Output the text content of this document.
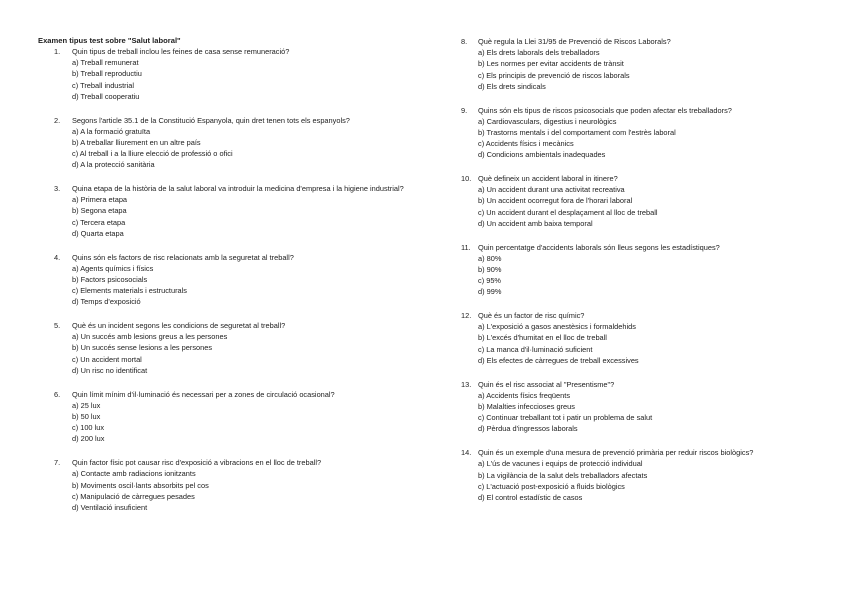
Examen tipus test sobre "Salut laboral"

1. Quin tipus de treball inclou les feines de casa sense remuneració?
a) Treball remunerat
b) Treball reproductiu
c) Treball industrial
d) Treball cooperatiu
2. Segons l'article 35.1 de la Constitució Espanyola, quin dret tenen tots els espanyols?
a) A la formació gratuïta
b) A treballar lliurement en un altre país
c) Al treball i a la lliure elecció de professió o ofici
d) A la protecció sanitària
3. Quina etapa de la història de la salut laboral va introduir la medicina d'empresa i la higiene industrial?
a) Primera etapa
b) Segona etapa
c) Tercera etapa
d) Quarta etapa
4. Quins són els factors de risc relacionats amb la seguretat al treball?
a) Agents químics i físics
b) Factors psicosocials
c) Elements materials i estructurals
d) Temps d'exposició
5. Què és un incident segons les condicions de seguretat al treball?
a) Un succés amb lesions greus a les persones
b) Un succés sense lesions a les persones
c) Un accident mortal
d) Un risc no identificat
6. Quin límit mínim d'il·luminació és necessari per a zones de circulació ocasional?
a) 25 lux
b) 50 lux
c) 100 lux
d) 200 lux
7. Quin factor físic pot causar risc d'exposició a vibracions en el lloc de treball?
a) Contacte amb radiacions ionitzants
b) Moviments oscil·lants absorbits pel cos
c) Manipulació de càrregues pesades
d) Ventilació insuficient
8. Què regula la Llei 31/95 de Prevenció de Riscos Laborals?
a) Els drets laborals dels treballadors
b) Les normes per evitar accidents de trànsit
c) Els principis de prevenció de riscos laborals
d) Els drets sindicals
9. Quins són els tipus de riscos psicosocials que poden afectar els treballadors?
a) Cardiovasculars, digestius i neurològics
b) Trastorns mentals i del comportament com l'estrès laboral
c) Accidents físics i mecànics
d) Condicions ambientals inadequades
10. Què defineix un accident laboral in itinere?
a) Un accident durant una activitat recreativa
b) Un accident ocorregut fora de l'horari laboral
c) Un accident durant el desplaçament al lloc de treball
d) Un accident amb baixa temporal
11. Quin percentatge d'accidents laborals són lleus segons les estadístiques?
a) 80%
b) 90%
c) 95%
d) 99%
12. Què és un factor de risc químic?
a) L'exposició a gasos anestèsics i formaldehids
b) L'excés d'humitat en el lloc de treball
c) La manca d'il·luminació suficient
d) Els efectes de càrregues de treball excessives
13. Quin és el risc associat al "Presentisme"?
a) Accidents físics freqüents
b) Malalties infeccioses greus
c) Continuar treballant tot i patir un problema de salut
d) Pèrdua d'ingressos laborals
14. Quin és un exemple d'una mesura de prevenció primària per reduir riscos biològics?
a) L'ús de vacunes i equips de protecció individual
b) La vigilància de la salut dels treballadors afectats
c) L'actuació post-exposició a fluids biològics
d) El control estadístic de casos
